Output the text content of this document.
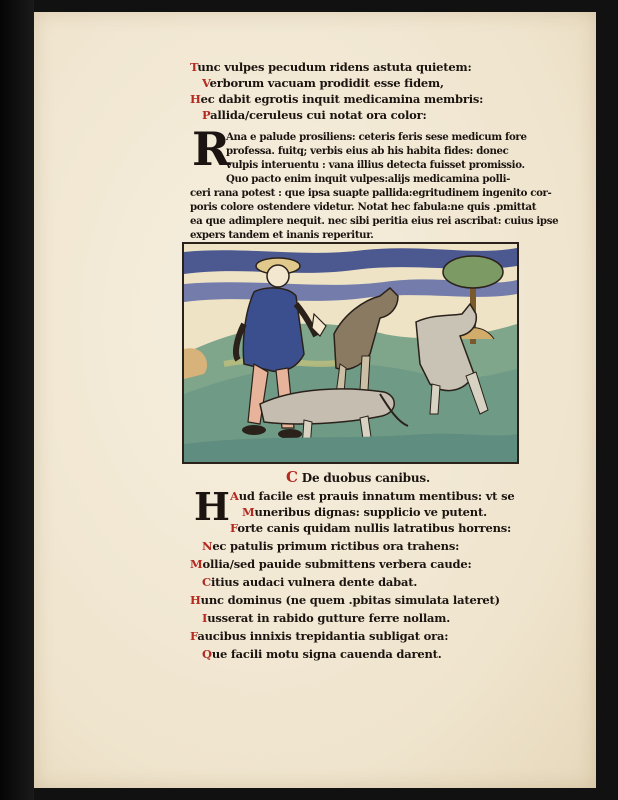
Tunc vulpes pecudum ridens astuta quietem:
Verborum vacuam prodidit esse fidem,
Hec dabit egrotis inquit medicamina membris:
Pallida/ceruleus cui notat ora color:
R
Ana e palude prosiliens: ceteris feris sese medicum fore
professa. fuitq; verbis eius ab his habita fides: donec
vulpis interuentu : vana illius detecta fuisset promissio.
Quo pacto enim inquit vulpes:alijs medicamina polli-
ceri rana potest : que ipsa suapte pallida:egritudinem ingenito cor-
poris colore ostendere videtur. Notat hec fabula:ne quis .pmittat
ea que adimplere nequit. nec sibi peritia eius rei ascribat: cuius ipse
expers tandem et inanis reperitur.
C De duobus canibus.
H Aud facile est prauis innatum mentibus: vt se
Muneribus dignas: supplicio ve putent.
Forte canis quidam nullis latratibus horrens:
Nec patulis primum rictibus ora trahens:
Mollia/sed pauide submittens verbera caude:
Citius audaci vulnera dente dabat.
Hunc dominus (ne quem .pbitas simulata lateret)
Iusserat in rabido gutture ferre nollam.
Faucibus innixis trepidantia subligat ora:
Que facili motu signa cauenda darent.
